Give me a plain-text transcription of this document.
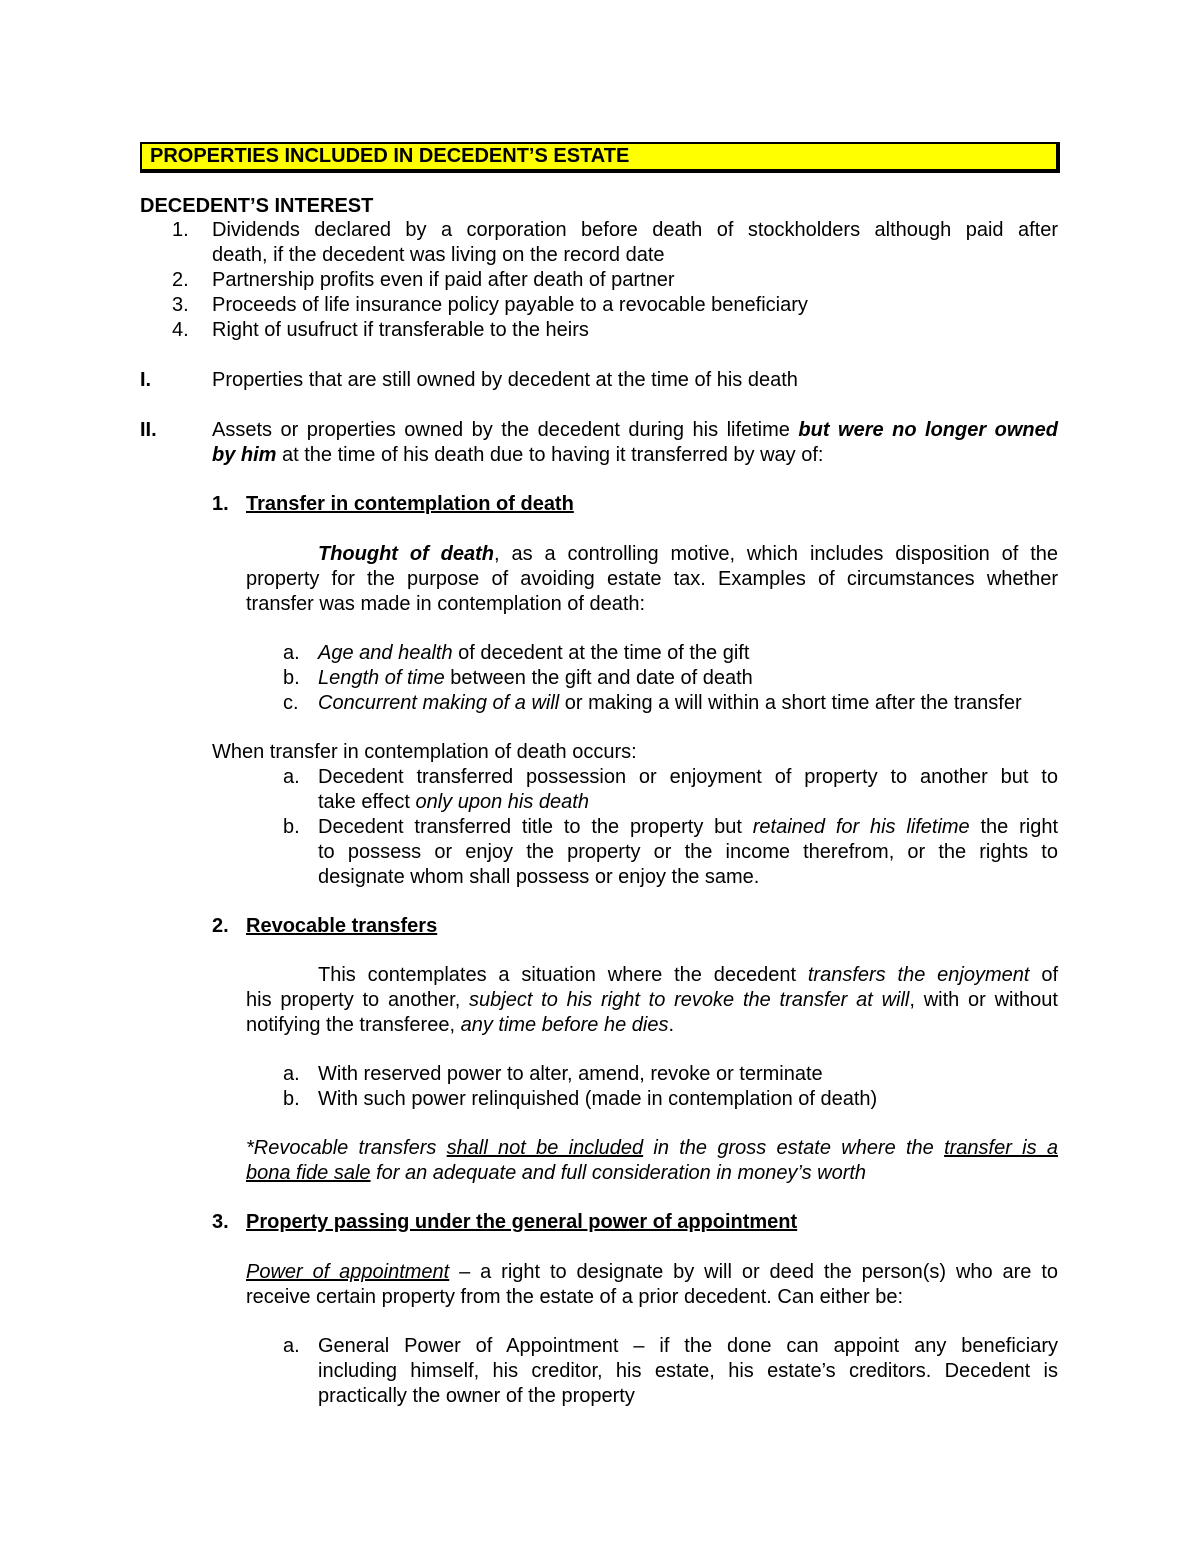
PROPERTIES INCLUDED IN DECEDENT’S ESTATE
DECEDENT’S INTEREST
1. Dividends declared by a corporation before death of stockholders although paid after
death, if the decedent was living on the record date
2. Partnership profits even if paid after death of partner
3. Proceeds of life insurance policy payable to a revocable beneficiary
4. Right of usufruct if transferable to the heirs
I.	Properties that are still owned by decedent at the time of his death
II.	Assets or properties owned by the decedent during his lifetime but were no longer owned
by him at the time of his death due to having it transferred by way of:
1. Transfer in contemplation of death
Thought of death, as a controlling motive, which includes disposition of the
property for the purpose of avoiding estate tax. Examples of circumstances whether
transfer was made in contemplation of death:
a. Age and health of decedent at the time of the gift
b. Length of time between the gift and date of death
c. Concurrent making of a will or making a will within a short time after the transfer
When transfer in contemplation of death occurs:
a. Decedent transferred possession or enjoyment of property to another but to
take effect only upon his death
b. Decedent transferred title to the property but retained for his lifetime the right
to possess or enjoy the property or the income therefrom, or the rights to
designate whom shall possess or enjoy the same.
2. Revocable transfers
This contemplates a situation where the decedent transfers the enjoyment of
his property to another, subject to his right to revoke the transfer at will, with or without
notifying the transferee, any time before he dies.
a. With reserved power to alter, amend, revoke or terminate
b. With such power relinquished (made in contemplation of death)
*Revocable transfers shall not be included in the gross estate where the transfer is a
bona fide sale for an adequate and full consideration in money’s worth
3. Property passing under the general power of appointment
Power of appointment – a right to designate by will or deed the person(s) who are to
receive certain property from the estate of a prior decedent. Can either be:
a. General Power of Appointment – if the done can appoint any beneficiary
including himself, his creditor, his estate, his estate’s creditors. Decedent is
practically the owner of the property
